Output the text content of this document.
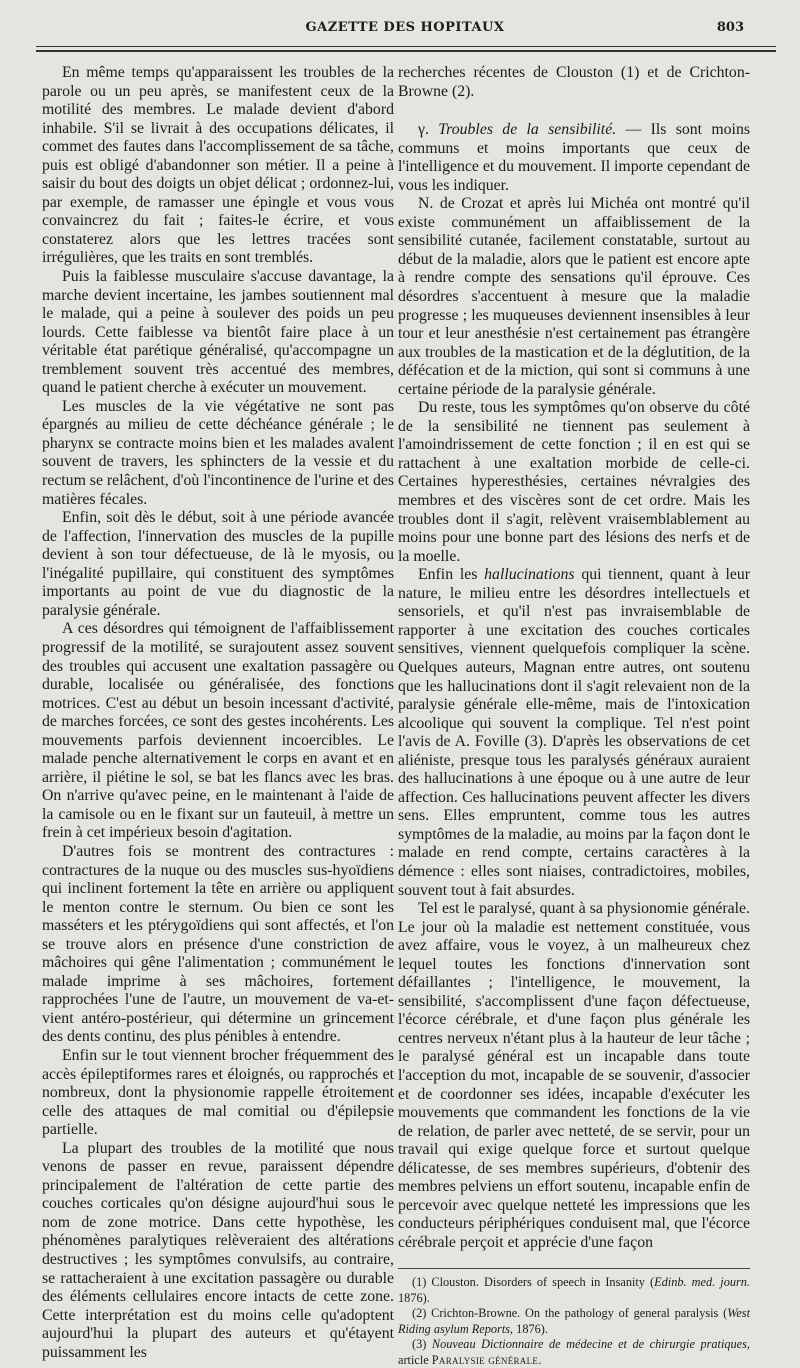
GAZETTE DES HOPITAUX	803

En même temps qu'apparaissent les troubles de la parole ou un peu après, se manifestent ceux de la motilité des membres. Le malade devient d'abord inhabile. S'il se livrait à des occupations délicates, il commet des fautes dans l'accomplissement de sa tâche, puis est obligé d'abandonner son métier. Il a peine à saisir du bout des doigts un objet délicat ; ordonnez-lui, par exemple, de ramasser une épingle et vous vous convaincrez du fait ; faites-le écrire, et vous constaterez alors que les lettres tracées sont irrégulières, que les traits en sont tremblés.

Puis la faiblesse musculaire s'accuse davantage, la marche devient incertaine, les jambes soutiennent mal le malade, qui a peine à soulever des poids un peu lourds. Cette faiblesse va bientôt faire place à un véritable état parétique généralisé, qu'accompagne un tremblement souvent très accentué des membres, quand le patient cherche à exécuter un mouvement.

Les muscles de la vie végétative ne sont pas épargnés au milieu de cette déchéance générale ; le pharynx se contracte moins bien et les malades avalent souvent de travers, les sphincters de la vessie et du rectum se relâchent, d'où l'incontinence de l'urine et des matières fécales.

Enfin, soit dès le début, soit à une période avancée de l'affection, l'innervation des muscles de la pupille devient à son tour défectueuse, de là le myosis, ou l'inégalité pupillaire, qui constituent des symptômes importants au point de vue du diagnostic de la paralysie générale.

A ces désordres qui témoignent de l'affaiblissement progressif de la motilité, se surajoutent assez souvent des troubles qui accusent une exaltation passagère ou durable, localisée ou généralisée, des fonctions motrices. C'est au début un besoin incessant d'activité, de marches forcées, ce sont des gestes incohérents. Les mouvements parfois deviennent incoercibles. Le malade penche alternativement le corps en avant et en arrière, il piétine le sol, se bat les flancs avec les bras. On n'arrive qu'avec peine, en le maintenant à l'aide de la camisole ou en le fixant sur un fauteuil, à mettre un frein à cet impérieux besoin d'agitation.

D'autres fois se montrent des contractures : contractures de la nuque ou des muscles sus-hyoïdiens qui inclinent fortement la tête en arrière ou appliquent le menton contre le sternum. Ou bien ce sont les masséters et les ptérygoïdiens qui sont affectés, et l'on se trouve alors en présence d'une constriction de mâchoires qui gêne l'alimentation ; communément le malade imprime à ses mâchoires, fortement rapprochées l'une de l'autre, un mouvement de va-et-vient antéro-postérieur, qui détermine un grincement des dents continu, des plus pénibles à entendre.

Enfin sur le tout viennent brocher fréquemment des accès épileptiformes rares et éloignés, ou rapprochés et nombreux, dont la physionomie rappelle étroitement celle des attaques de mal comitial ou d'épilepsie partielle.

La plupart des troubles de la motilité que nous venons de passer en revue, paraissent dépendre principalement de l'altération de cette partie des couches corticales qu'on désigne aujourd'hui sous le nom de zone motrice. Dans cette hypothèse, les phénomènes paralytiques relèveraient des altérations destructives ; les symptômes convulsifs, au contraire, se rattacheraient à une excitation passagère ou durable des éléments cellulaires encore intacts de cette zone. Cette interprétation est du moins celle qu'adoptent aujourd'hui la plupart des auteurs et qu'étayent puissamment les

recherches récentes de Clouston (1) et de Crichton-Browne (2).

γ. Troubles de la sensibilité. — Ils sont moins communs et moins importants que ceux de l'intelligence et du mouvement. Il importe cependant de vous les indiquer.

N. de Crozat et après lui Michéa ont montré qu'il existe communément un affaiblissement de la sensibilité cutanée, facilement constatable, surtout au début de la maladie, alors que le patient est encore apte à rendre compte des sensations qu'il éprouve. Ces désordres s'accentuent à mesure que la maladie progresse ; les muqueuses deviennent insensibles à leur tour et leur anesthésie n'est certainement pas étrangère aux troubles de la mastication et de la déglutition, de la défécation et de la miction, qui sont si communs à une certaine période de la paralysie générale.

Du reste, tous les symptômes qu'on observe du côté de la sensibilité ne tiennent pas seulement à l'amoindrissement de cette fonction ; il en est qui se rattachent à une exaltation morbide de celle-ci. Certaines hyperesthésies, certaines névralgies des membres et des viscères sont de cet ordre. Mais les troubles dont il s'agit, relèvent vraisemblablement au moins pour une bonne part des lésions des nerfs et de la moelle.

Enfin les hallucinations qui tiennent, quant à leur nature, le milieu entre les désordres intellectuels et sensoriels, et qu'il n'est pas invraisemblable de rapporter à une excitation des couches corticales sensitives, viennent quelquefois compliquer la scène. Quelques auteurs, Magnan entre autres, ont soutenu que les hallucinations dont il s'agit relevaient non de la paralysie générale elle-même, mais de l'intoxication alcoolique qui souvent la complique. Tel n'est point l'avis de A. Foville (3). D'après les observations de cet aliéniste, presque tous les paralysés généraux auraient des hallucinations à une époque ou à une autre de leur affection. Ces hallucinations peuvent affecter les divers sens. Elles empruntent, comme tous les autres symptômes de la maladie, au moins par la façon dont le malade en rend compte, certains caractères à la démence : elles sont niaises, contradictoires, mobiles, souvent tout à fait absurdes.

Tel est le paralysé, quant à sa physionomie générale. Le jour où la maladie est nettement constituée, vous avez affaire, vous le voyez, à un malheureux chez lequel toutes les fonctions d'innervation sont défaillantes ; l'intelligence, le mouvement, la sensibilité, s'accomplissent d'une façon défectueuse, l'écorce cérébrale, et d'une façon plus générale les centres nerveux n'étant plus à la hauteur de leur tâche ; le paralysé général est un incapable dans toute l'acception du mot, incapable de se souvenir, d'associer et de coordonner ses idées, incapable d'exécuter les mouvements que commandent les fonctions de la vie de relation, de parler avec netteté, de se servir, pour un travail qui exige quelque force et surtout quelque délicatesse, de ses membres supérieurs, d'obtenir des membres pelviens un effort soutenu, incapable enfin de percevoir avec quelque netteté les impressions que les conducteurs périphériques conduisent mal, que l'écorce cérébrale perçoit et apprécie d'une façon

(1) Clouston. Disorders of speech in Insanity (Edinb. med. journ. 1876).
(2) Crichton-Browne. On the pathology of general paralysis (West Riding asylum Reports, 1876).
(3) Nouveau Dictionnaire de médecine et de chirurgie pratiques, article Paralysie générale.
